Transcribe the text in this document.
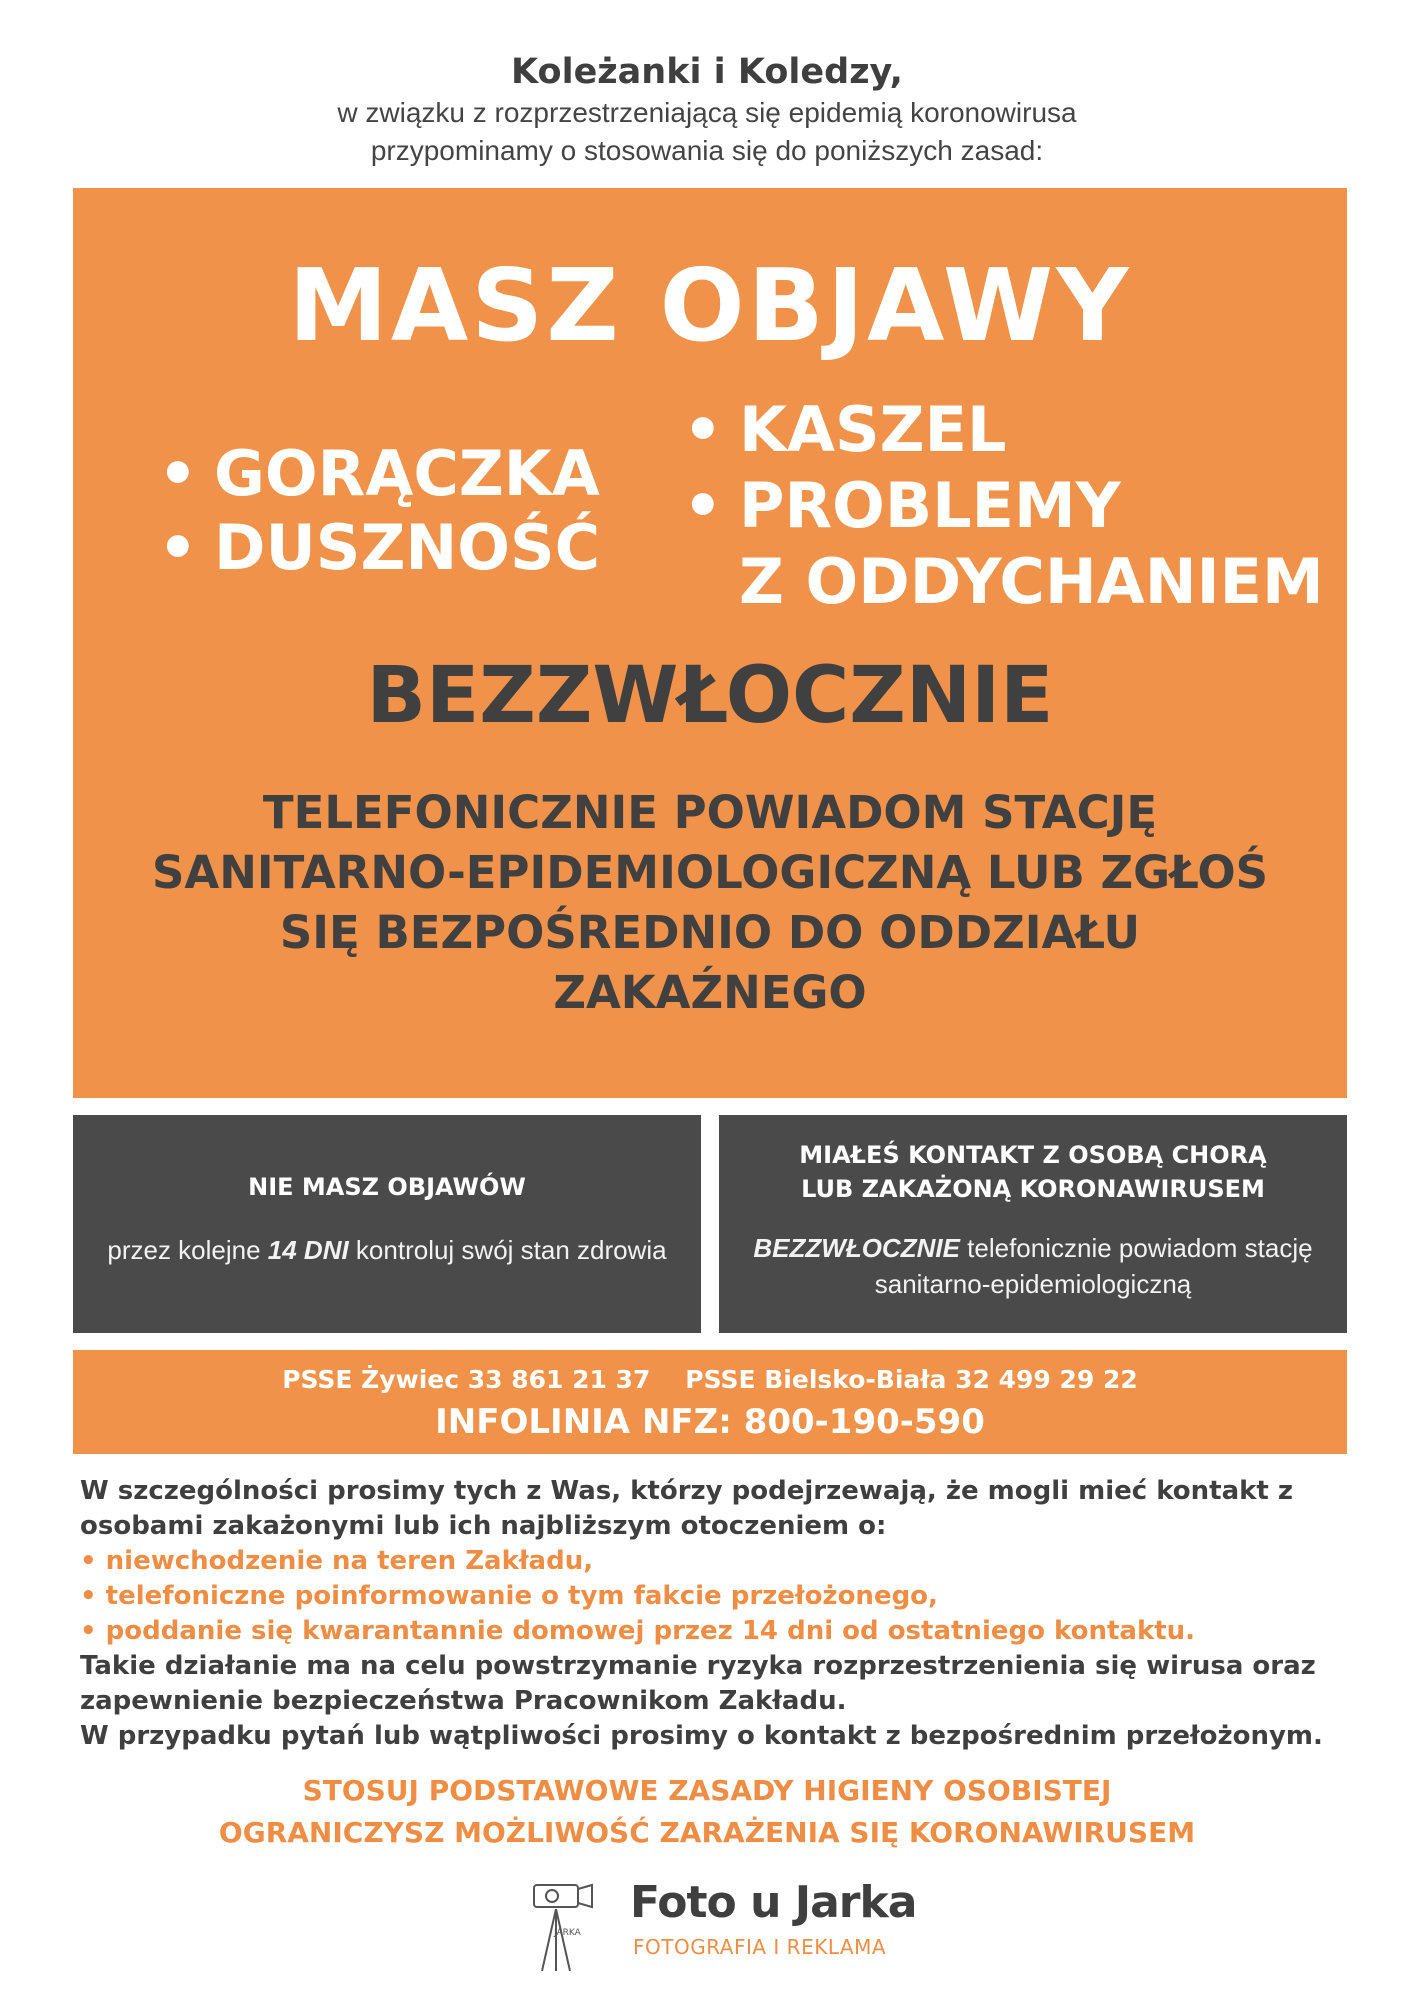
Koleżanki i Koledzy,
w związku z rozprzestrzeniającą się epidemią koronowirusa
przypominamy o stosowania się do poniższych zasad:
MASZ OBJAWY
• GORĄCZKA
• DUSZNOŚĆ
• KASZEL
• PROBLEMY
Z ODDYCHANIEM
BEZZWŁOCZNIE
TELEFONICZNIE POWIADOM STACJĘ
SANITARNO-EPIDEMIOLOGICZNĄ LUB ZGŁOŚ
SIĘ BEZPOŚREDNIO DO ODDZIAŁU
ZAKAŹNEGO
NIE MASZ OBJAWÓW
przez kolejne 14 DNI kontroluj swój stan zdrowia
MIAŁEŚ KONTAKT Z OSOBĄ CHORĄ
LUB ZAKAŻONĄ KORONAWIRUSEM
BEZZWŁOCZNIE telefonicznie powiadom stację
sanitarno-epidemiologiczną
PSSE Żywiec 33 861 21 37 PSSE Bielsko-Biała 32 499 29 22
INFOLINIA NFZ: 800-190-590
W szczególności prosimy tych z Was, którzy podejrzewają, że mogli mieć kontakt z
osobami zakażonymi lub ich najbliższym otoczeniem o:
• niewchodzenie na teren Zakładu,
• telefoniczne poinformowanie o tym fakcie przełożonego,
• poddanie się kwarantannie domowej przez 14 dni od ostatniego kontaktu.
Takie działanie ma na celu powstrzymanie ryzyka rozprzestrzenienia się wirusa oraz
zapewnienie bezpieczeństwa Pracownikom Zakładu.
W przypadku pytań lub wątpliwości prosimy o kontakt z bezpośrednim przełożonym.
STOSUJ PODSTAWOWE ZASADY HIGIENY OSOBISTEJ
OGRANICZYSZ MOŻLIWOŚĆ ZARAŻENIA SIĘ KORONAWIRUSEM
JARKA
Foto u Jarka
FOTOGRAFIA I REKLAMA
